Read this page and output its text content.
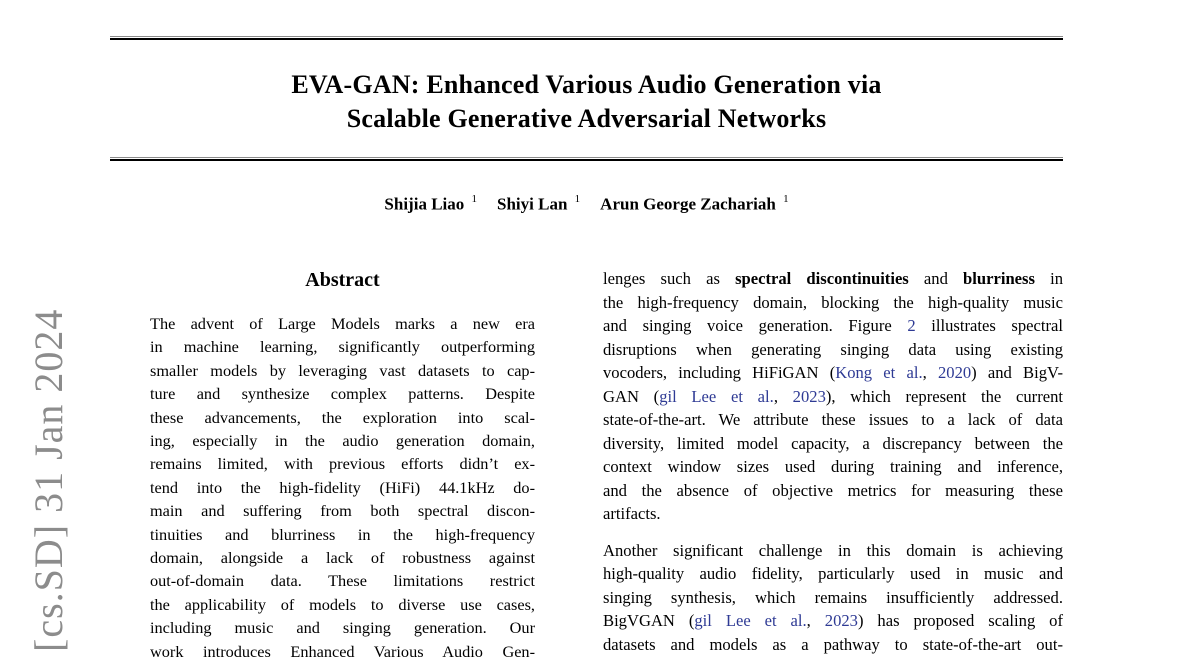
[cs.SD] 31 Jan 2024
EVA-GAN: Enhanced Various Audio Generation via
Scalable Generative Adversarial Networks
Shijia Liao $^1$ Shiyi Lan $^1$ Arun George Zachariah $^1$
Abstract
The advent of Large Models marks a new era
in machine learning, significantly outperforming
smaller models by leveraging vast datasets to cap-
ture and synthesize complex patterns. Despite
these advancements, the exploration into scal-
ing, especially in the audio generation domain,
remains limited, with previous efforts didn’t ex-
tend into the high-fidelity (HiFi) 44.1kHz do-
main and suffering from both spectral discon-
tinuities and blurriness in the high-frequency
domain, alongside a lack of robustness against
out-of-domain data. These limitations restrict
the applicability of models to diverse use cases,
including music and singing generation. Our
work introduces Enhanced Various Audio Gen-
lenges such as spectral discontinuities and blurriness in
the high-frequency domain, blocking the high-quality music
and singing voice generation. Figure 2 illustrates spectral
disruptions when generating singing data using existing
vocoders, including HiFiGAN (Kong et al., 2020) and BigV-
GAN (gil Lee et al., 2023), which represent the current
state-of-the-art. We attribute these issues to a lack of data
diversity, limited model capacity, a discrepancy between the
context window sizes used during training and inference,
and the absence of objective metrics for measuring these
artifacts.
Another significant challenge in this domain is achieving
high-quality audio fidelity, particularly used in music and
singing synthesis, which remains insufficiently addressed.
BigVGAN (gil Lee et al., 2023) has proposed scaling of
datasets and models as a pathway to state-of-the-art out-
